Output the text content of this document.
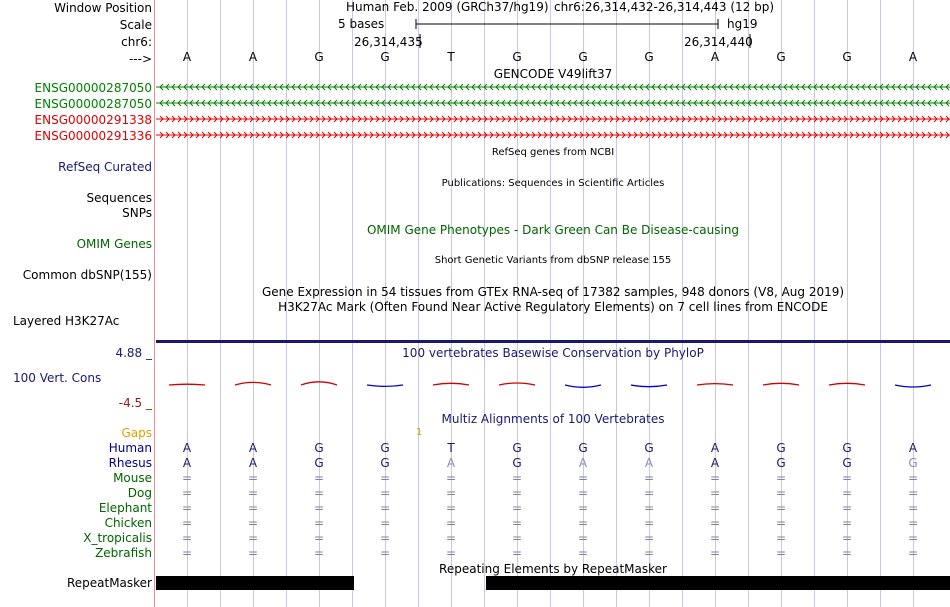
Window Position	Human Feb. 2009 (GRCh37/hg19) chr6:26,314,432-26,314,443 (12 bp)
Scale	5 bases	hg19
chr6:	26,314,435	26,314,440
--->	A	A	G	G	T	G	G	G	A	G	G	A
GENCODE V49lift37
ENSG00000287050
ENSG00000287050
ENSG00000291338
ENSG00000291336
RefSeq Curated
RefSeq genes from NCBI
Publications: Sequences in Scientific Articles
Sequences
SNPs
OMIM Gene Phenotypes - Dark Green Can Be Disease-causing
OMIM Genes
Short Genetic Variants from dbSNP release 155
Common dbSNP(155)
Gene Expression in 54 tissues from GTEx RNA-seq of 17382 samples, 948 donors (V8, Aug 2019)
H3K27Ac Mark (Often Found Near Active Regulatory Elements) on 7 cell lines from ENCODE
Layered H3K27Ac
4.88 _	100 vertebrates Basewise Conservation by PhyloP
100 Vert. Cons
-4.5 _
Multiz Alignments of 100 Vertebrates
Gaps	1
Human	A	A	G	G	T	G	G	G	A	G	G	A
Rhesus	A	A	G	G	A	G	A	A	A	G	G	G
Mouse	=	=	=	=	=	=	=	=	=	=	=	=
Dog	=	=	=	=	=	=	=	=	=	=	=	=
Elephant	=	=	=	=	=	=	=	=	=	=	=	=
Chicken	=	=	=	=	=	=	=	=	=	=	=	=
X_tropicalis	=	=	=	=	=	=	=	=	=	=	=	=
Zebrafish	=	=	=	=	=	=	=	=	=	=	=	=
Repeating Elements by RepeatMasker
RepeatMasker
